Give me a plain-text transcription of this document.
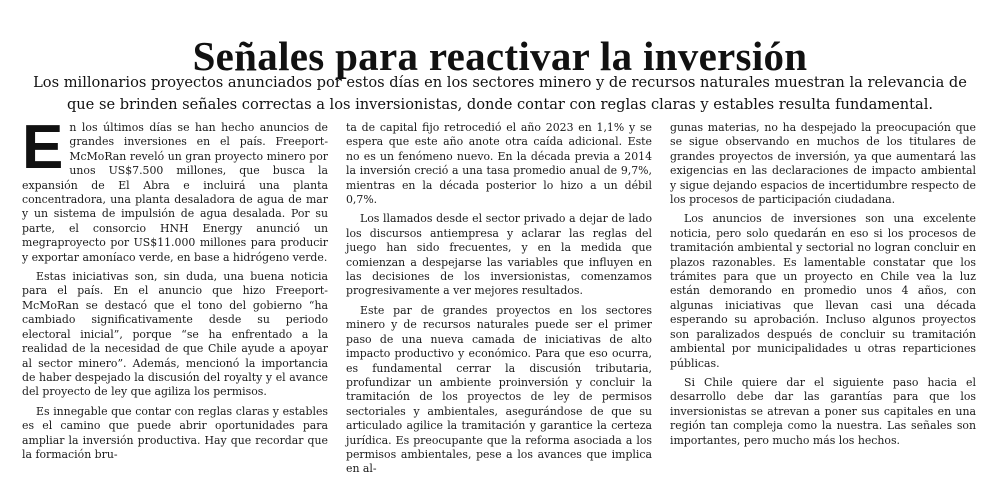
Señales para reactivar la inversión
Los millonarios proyectos anunciados por estos días en los sectores minero y de recursos naturales muestran la relevancia de que se brinden señales correctas a los inversionistas, donde contar con reglas claras y estables resulta fundamental.

En los últimos días se han hecho anuncios de grandes inversiones en el país. Freeport-McMoRan reveló un gran proyecto minero por unos US$7.500 millones, que busca la expansión de El Abra e incluirá una planta concentradora, una planta desaladora de agua de mar y un sistema de impulsión de agua desalada. Por su parte, el consorcio HNH Energy anunció un megraproyecto por US$11.000 millones para producir y exportar amoníaco verde, en base a hidrógeno verde.

Estas iniciativas son, sin duda, una buena noticia para el país. En el anuncio que hizo Freeport-McMoRan se destacó que el tono del gobierno “ha cambiado significativamente desde su periodo electoral inicial”, porque “se ha enfrentado a la realidad de la necesidad de que Chile ayude a apoyar al sector minero”. Además, mencionó la importancia de haber despejado la discusión del royalty y el avance del proyecto de ley que agiliza los permisos.

Es innegable que contar con reglas claras y estables es el camino que puede abrir oportunidades para ampliar la inversión productiva. Hay que recordar que la formación bru-

ta de capital fijo retrocedió el año 2023 en 1,1% y se espera que este año anote otra caída adicional. Este no es un fenómeno nuevo. En la década previa a 2014 la inversión creció a una tasa promedio anual de 9,7%, mientras en la década posterior lo hizo a un débil 0,7%.

Los llamados desde el sector privado a dejar de lado los discursos antiempresa y aclarar las reglas del juego han sido frecuentes, y en la medida que comienzan a despejarse las variables que influyen en las decisiones de los inversionistas, comenzamos progresivamente a ver mejores resultados.

Este par de grandes proyectos en los sectores minero y de recursos naturales puede ser el primer paso de una nueva camada de iniciativas de alto impacto productivo y económico. Para que eso ocurra, es fundamental cerrar la discusión tributaria, profundizar un ambiente proinversión y concluir la tramitación de los proyectos de ley de permisos sectoriales y ambientales, asegurándose de que su articulado agilice la tramitación y garantice la certeza jurídica. Es preocupante que la reforma asociada a los permisos ambientales, pese a los avances que implica en al-

gunas materias, no ha despejado la preocupación que se sigue observando en muchos de los titulares de grandes proyectos de inversión, ya que aumentará las exigencias en las declaraciones de impacto ambiental y sigue dejando espacios de incertidumbre respecto de los procesos de participación ciudadana.

Los anuncios de inversiones son una excelente noticia, pero solo quedarán en eso si los procesos de tramitación ambiental y sectorial no logran concluir en plazos razonables. Es lamentable constatar que los trámites para que un proyecto en Chile vea la luz están demorando en promedio unos 4 años, con algunas iniciativas que llevan casi una década esperando su aprobación. Incluso algunos proyectos son paralizados después de concluir su tramitación ambiental por municipalidades u otras reparticiones públicas.

Si Chile quiere dar el siguiente paso hacia el desarrollo debe dar las garantías para que los inversionistas se atrevan a poner sus capitales en una región tan compleja como la nuestra. Las señales son importantes, pero mucho más los hechos.
